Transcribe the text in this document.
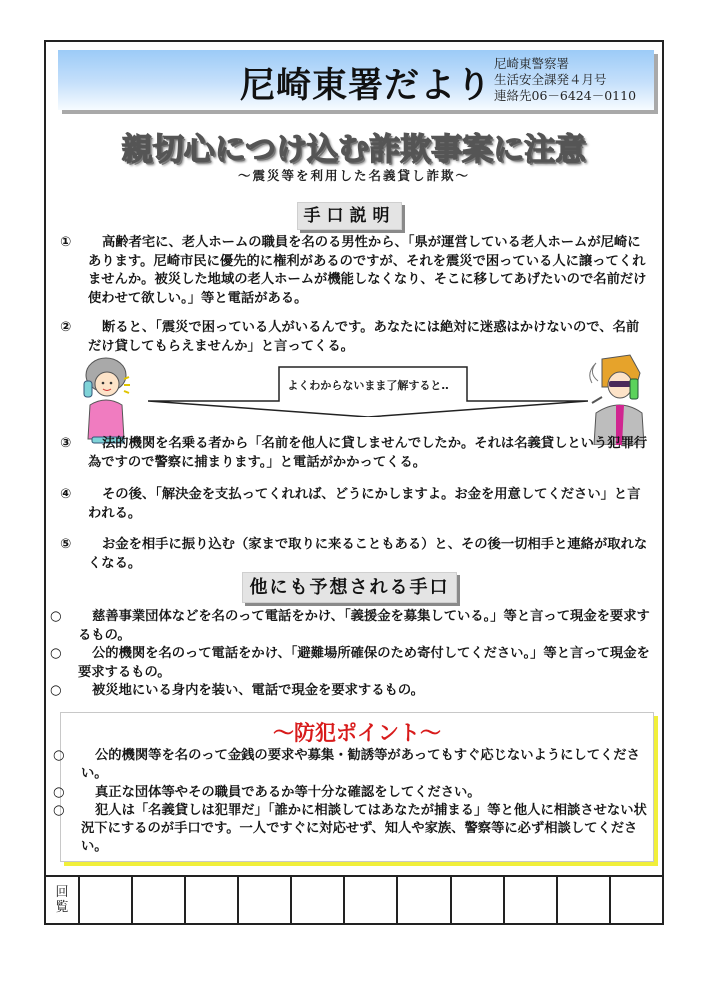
尼崎東署だより
尼崎東警察署
生活安全課発４月号
連絡先06－6424－0110
親切心につけ込む詐欺事案に注意
～震災等を利用した名義貸し詐欺～
手口説明
① 高齢者宅に、老人ホームの職員を名のる男性から、「県が運営している老人ホームが尼崎にあります。尼崎市民に優先的に権利があるのですが、それを震災で困っている人に譲ってくれませんか。被災した地域の老人ホームが機能しなくなり、そこに移してあげたいので名前だけ使わせて欲しい。」等と電話がある。
② 断ると、「震災で困っている人がいるんです。あなたには絶対に迷惑はかけないので、名前だけ貸してもらえませんか」と言ってくる。
よくわからないまま了解すると‥
③ 法的機関を名乗る者から「名前を他人に貸しませんでしたか。それは名義貸しという犯罪行為ですので警察に捕まります。」と電話がかかってくる。
④ その後、「解決金を支払ってくれれば、どうにかしますよ。お金を用意してください」と言われる。
⑤ お金を相手に振り込む（家まで取りに来ることもある）と、その後一切相手と連絡が取れなくなる。
他にも予想される手口
○ 慈善事業団体などを名のって電話をかけ、「義援金を募集している。」等と言って現金を要求するもの。
○ 公的機関を名のって電話をかけ、「避難場所確保のため寄付してください。」等と言って現金を要求するもの。
○ 被災地にいる身内を装い、電話で現金を要求するもの。
～防犯ポイント～
○ 公的機関等を名のって金銭の要求や募集・勧誘等があってもすぐ応じないようにしてください。
○ 真正な団体等やその職員であるか等十分な確認をしてください。
○ 犯人は「名義貸しは犯罪だ」「誰かに相談してはあなたが捕まる」等と他人に相談させない状況下にするのが手口です。一人ですぐに対応せず、知人や家族、警察等に必ず相談してください。
回
覧
